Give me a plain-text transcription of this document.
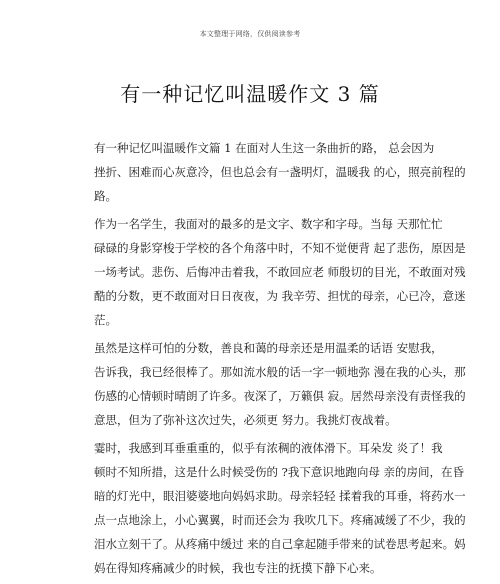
本文整理于网络，仅供阅读参考
有一种记忆叫温暖作文 3 篇

有一种记忆叫温暖作文篇 1 在面对人生这一条曲折的路， 总会因为
挫折、困难而心灰意冷，但也总会有一盏明灯，温暖我 的心，照亮前程的
路。

作为一名学生，我面对的最多的是文字、数字和字母。当每 天那忙忙
碌碌的身影穿梭于学校的各个角落中时，不知不觉便背 起了悲伤，原因是
一场考试。悲伤、后悔冲击着我，不敢回应老 师殷切的目光，不敢面对残
酷的分数，更不敢面对日日夜夜，为 我辛劳、担忧的母亲，心已冷，意迷
茫。

虽然是这样可怕的分数，善良和蔼的母亲还是用温柔的话语 安慰我，
告诉我，我已经很棒了。那如流水般的话一字一顿地弥 漫在我的心头，那
伤感的心情顿时晴朗了许多。夜深了，万籁俱 寂。居然母亲没有责怪我的
意思，但为了弥补这次过失，必须更 努力。我挑灯夜战着。

霎时，我感到耳垂重重的，似乎有浓稠的液体滑下。耳朵发 炎了！我
顿时不知所措，这是什么时候受伤的 ?我下意识地跑向母 亲的房间，在昏
暗的灯光中，眼泪婆婆地向妈妈求助。母亲轻轻 揉着我的耳垂，将药水一
点一点地涂上，小心翼翼，时而还会为 我吹几下。疼痛减缓了不少，我的
泪水立刻干了。从疼痛中缓过 来的自己拿起随手带来的试卷思考起来。妈
妈在得知疼痛减少的时候，我也专注的抚摸下静下心来。
